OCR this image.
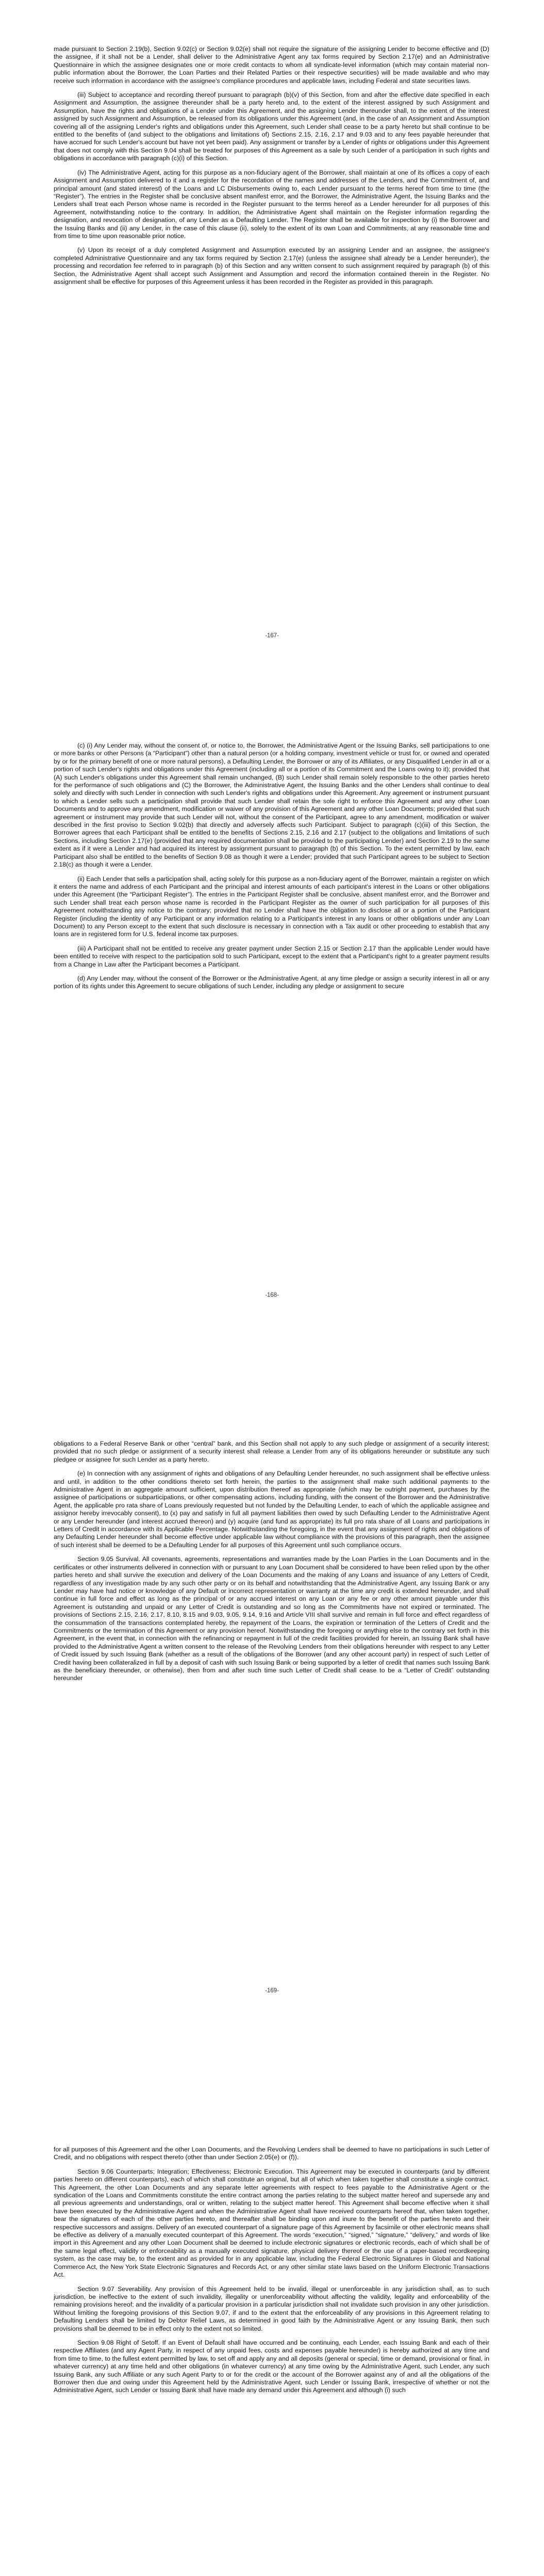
made pursuant to Section 2.19(b), Section 9.02(c) or Section 9.02(e) shall not require the signature of the assigning Lender to become effective and (D) the assignee, if it shall not be a Lender, shall deliver to the Administrative Agent any tax forms required by Section 2.17(e) and an Administrative Questionnaire in which the assignee designates one or more credit contacts to whom all syndicate-level information (which may contain material non-public information about the Borrower, the Loan Parties and their Related Parties or their respective securities) will be made available and who may receive such information in accordance with the assignee's compliance procedures and applicable laws, including Federal and state securities laws.

(iii) Subject to acceptance and recording thereof pursuant to paragraph (b)(v) of this Section, from and after the effective date specified in each Assignment and Assumption, the assignee thereunder shall be a party hereto and, to the extent of the interest assigned by such Assignment and Assumption, have the rights and obligations of a Lender under this Agreement, and the assigning Lender thereunder shall, to the extent of the interest assigned by such Assignment and Assumption, be released from its obligations under this Agreement (and, in the case of an Assignment and Assumption covering all of the assigning Lender's rights and obligations under this Agreement, such Lender shall cease to be a party hereto but shall continue to be entitled to the benefits of (and subject to the obligations and limitations of) Sections 2.15, 2.16, 2.17 and 9.03 and to any fees payable hereunder that have accrued for such Lender's account but have not yet been paid). Any assignment or transfer by a Lender of rights or obligations under this Agreement that does not comply with this Section 9.04 shall be treated for purposes of this Agreement as a sale by such Lender of a participation in such rights and obligations in accordance with paragraph (c)(i) of this Section.

(iv) The Administrative Agent, acting for this purpose as a non-fiduciary agent of the Borrower, shall maintain at one of its offices a copy of each Assignment and Assumption delivered to it and a register for the recordation of the names and addresses of the Lenders, and the Commitment of, and principal amount (and stated interest) of the Loans and LC Disbursements owing to, each Lender pursuant to the terms hereof from time to time (the “Register”). The entries in the Register shall be conclusive absent manifest error, and the Borrower, the Administrative Agent, the Issuing Banks and the Lenders shall treat each Person whose name is recorded in the Register pursuant to the terms hereof as a Lender hereunder for all purposes of this Agreement, notwithstanding notice to the contrary. In addition, the Administrative Agent shall maintain on the Register information regarding the designation, and revocation of designation, of any Lender as a Defaulting Lender. The Register shall be available for inspection by (i) the Borrower and the Issuing Banks and (ii) any Lender, in the case of this clause (ii), solely to the extent of its own Loan and Commitments, at any reasonable time and from time to time upon reasonable prior notice.

(v) Upon its receipt of a duly completed Assignment and Assumption executed by an assigning Lender and an assignee, the assignee's completed Administrative Questionnaire and any tax forms required by Section 2.17(e) (unless the assignee shall already be a Lender hereunder), the processing and recordation fee referred to in paragraph (b) of this Section and any written consent to such assignment required by paragraph (b) of this Section, the Administrative Agent shall accept such Assignment and Assumption and record the information contained therein in the Register. No assignment shall be effective for purposes of this Agreement unless it has been recorded in the Register as provided in this paragraph.

-167-

(c) (i) Any Lender may, without the consent of, or notice to, the Borrower, the Administrative Agent or the Issuing Banks, sell participations to one or more banks or other Persons (a “Participant”) other than a natural person (or a holding company, investment vehicle or trust for, or owned and operated by or for the primary benefit of one or more natural persons), a Defaulting Lender, the Borrower or any of its Affiliates, or any Disqualified Lender in all or a portion of such Lender's rights and obligations under this Agreement (including all or a portion of its Commitment and the Loans owing to it); provided that (A) such Lender's obligations under this Agreement shall remain unchanged, (B) such Lender shall remain solely responsible to the other parties hereto for the performance of such obligations and (C) the Borrower, the Administrative Agent, the Issuing Banks and the other Lenders shall continue to deal solely and directly with such Lender in connection with such Lender's rights and obligations under this Agreement. Any agreement or instrument pursuant to which a Lender sells such a participation shall provide that such Lender shall retain the sole right to enforce this Agreement and any other Loan Documents and to approve any amendment, modification or waiver of any provision of this Agreement and any other Loan Documents; provided that such agreement or instrument may provide that such Lender will not, without the consent of the Participant, agree to any amendment, modification or waiver described in the first proviso to Section 9.02(b) that directly and adversely affects such Participant. Subject to paragraph (c)(iii) of this Section, the Borrower agrees that each Participant shall be entitled to the benefits of Sections 2.15, 2.16 and 2.17 (subject to the obligations and limitations of such Sections, including Section 2.17(e) (provided that any required documentation shall be provided to the participating Lender) and Section 2.19 to the same extent as if it were a Lender and had acquired its interest by assignment pursuant to paragraph (b) of this Section. To the extent permitted by law, each Participant also shall be entitled to the benefits of Section 9.08 as though it were a Lender; provided that such Participant agrees to be subject to Section 2.18(c) as though it were a Lender.

(ii) Each Lender that sells a participation shall, acting solely for this purpose as a non-fiduciary agent of the Borrower, maintain a register on which it enters the name and address of each Participant and the principal and interest amounts of each participant's interest in the Loans or other obligations under this Agreement (the “Participant Register”). The entries in the Participant Register shall be conclusive, absent manifest error, and the Borrower and such Lender shall treat each person whose name is recorded in the Participant Register as the owner of such participation for all purposes of this Agreement notwithstanding any notice to the contrary; provided that no Lender shall have the obligation to disclose all or a portion of the Participant Register (including the identity of any Participant or any information relating to a Participant's interest in any loans or other obligations under any Loan Document) to any Person except to the extent that such disclosure is necessary in connection with a Tax audit or other proceeding to establish that any loans are in registered form for U.S. federal income tax purposes.

(iii) A Participant shall not be entitled to receive any greater payment under Section 2.15 or Section 2.17 than the applicable Lender would have been entitled to receive with respect to the participation sold to such Participant, except to the extent that a Participant's right to a greater payment results from a Change in Law after the Participant becomes a Participant.

(d) Any Lender may, without the consent of the Borrower or the Administrative Agent, at any time pledge or assign a security interest in all or any portion of its rights under this Agreement to secure obligations of such Lender, including any pledge or assignment to secure

-168-

obligations to a Federal Reserve Bank or other “central” bank, and this Section shall not apply to any such pledge or assignment of a security interest; provided that no such pledge or assignment of a security interest shall release a Lender from any of its obligations hereunder or substitute any such pledgee or assignee for such Lender as a party hereto.

(e) In connection with any assignment of rights and obligations of any Defaulting Lender hereunder, no such assignment shall be effective unless and until, in addition to the other conditions thereto set forth herein, the parties to the assignment shall make such additional payments to the Administrative Agent in an aggregate amount sufficient, upon distribution thereof as appropriate (which may be outright payment, purchases by the assignee of participations or subparticipations, or other compensating actions, including funding, with the consent of the Borrower and the Administrative Agent, the applicable pro rata share of Loans previously requested but not funded by the Defaulting Lender, to each of which the applicable assignee and assignor hereby irrevocably consent), to (x) pay and satisfy in full all payment liabilities then owed by such Defaulting Lender to the Administrative Agent or any Lender hereunder (and interest accrued thereon) and (y) acquire (and fund as appropriate) its full pro rata share of all Loans and participations in Letters of Credit in accordance with its Applicable Percentage. Notwithstanding the foregoing, in the event that any assignment of rights and obligations of any Defaulting Lender hereunder shall become effective under applicable law without compliance with the provisions of this paragraph, then the assignee of such interest shall be deemed to be a Defaulting Lender for all purposes of this Agreement until such compliance occurs.

Section 9.05 Survival. All covenants, agreements, representations and warranties made by the Loan Parties in the Loan Documents and in the certificates or other instruments delivered in connection with or pursuant to any Loan Document shall be considered to have been relied upon by the other parties hereto and shall survive the execution and delivery of the Loan Documents and the making of any Loans and issuance of any Letters of Credit, regardless of any investigation made by any such other party or on its behalf and notwithstanding that the Administrative Agent, any Issuing Bank or any Lender may have had notice or knowledge of any Default or incorrect representation or warranty at the time any credit is extended hereunder, and shall continue in full force and effect as long as the principal of or any accrued interest on any Loan or any fee or any other amount payable under this Agreement is outstanding and unpaid or any Letter of Credit is outstanding and so long as the Commitments have not expired or terminated. The provisions of Sections 2.15, 2.16, 2.17, 8.10, 8.15 and 9.03, 9.05, 9.14, 9.16 and Article VIII shall survive and remain in full force and effect regardless of the consummation of the transactions contemplated hereby, the repayment of the Loans, the expiration or termination of the Letters of Credit and the Commitments or the termination of this Agreement or any provision hereof. Notwithstanding the foregoing or anything else to the contrary set forth in this Agreement, in the event that, in connection with the refinancing or repayment in full of the credit facilities provided for herein, an Issuing Bank shall have provided to the Administrative Agent a written consent to the release of the Revolving Lenders from their obligations hereunder with respect to any Letter of Credit issued by such Issuing Bank (whether as a result of the obligations of the Borrower (and any other account party) in respect of such Letter of Credit having been collateralized in full by a deposit of cash with such Issuing Bank or being supported by a letter of credit that names such Issuing Bank as the beneficiary thereunder, or otherwise), then from and after such time such Letter of Credit shall cease to be a “Letter of Credit” outstanding hereunder

-169-

for all purposes of this Agreement and the other Loan Documents, and the Revolving Lenders shall be deemed to have no participations in such Letter of Credit, and no obligations with respect thereto (other than under Section 2.05(e) or (f)).

Section 9.06 Counterparts; Integration; Effectiveness; Electronic Execution. This Agreement may be executed in counterparts (and by different parties hereto on different counterparts), each of which shall constitute an original, but all of which when taken together shall constitute a single contract. This Agreement, the other Loan Documents and any separate letter agreements with respect to fees payable to the Administrative Agent or the syndication of the Loans and Commitments constitute the entire contract among the parties relating to the subject matter hereof and supersede any and all previous agreements and understandings, oral or written, relating to the subject matter hereof. This Agreement shall become effective when it shall have been executed by the Administrative Agent and when the Administrative Agent shall have received counterparts hereof that, when taken together, bear the signatures of each of the other parties hereto, and thereafter shall be binding upon and inure to the benefit of the parties hereto and their respective successors and assigns. Delivery of an executed counterpart of a signature page of this Agreement by facsimile or other electronic means shall be effective as delivery of a manually executed counterpart of this Agreement. The words “execution,” “signed,” “signature,” “delivery,” and words of like import in this Agreement and any other Loan Document shall be deemed to include electronic signatures or electronic records, each of which shall be of the same legal effect, validity or enforceability as a manually executed signature, physical delivery thereof or the use of a paper-based recordkeeping system, as the case may be, to the extent and as provided for in any applicable law, including the Federal Electronic Signatures in Global and National Commerce Act, the New York State Electronic Signatures and Records Act, or any other similar state laws based on the Uniform Electronic Transactions Act.

Section 9.07 Severability. Any provision of this Agreement held to be invalid, illegal or unenforceable in any jurisdiction shall, as to such jurisdiction, be ineffective to the extent of such invalidity, illegality or unenforceability without affecting the validity, legality and enforceability of the remaining provisions hereof; and the invalidity of a particular provision in a particular jurisdiction shall not invalidate such provision in any other jurisdiction. Without limiting the foregoing provisions of this Section 9.07, if and to the extent that the enforceability of any provisions in this Agreement relating to Defaulting Lenders shall be limited by Debtor Relief Laws, as determined in good faith by the Administrative Agent or any Issuing Bank, then such provisions shall be deemed to be in effect only to the extent not so limited.

Section 9.08 Right of Setoff. If an Event of Default shall have occurred and be continuing, each Lender, each Issuing Bank and each of their respective Affiliates (and any Agent Party, in respect of any unpaid fees, costs and expenses payable hereunder) is hereby authorized at any time and from time to time, to the fullest extent permitted by law, to set off and apply any and all deposits (general or special, time or demand, provisional or final, in whatever currency) at any time held and other obligations (in whatever currency) at any time owing by the Administrative Agent, such Lender, any such Issuing Bank, any such Affiliate or any such Agent Party to or for the credit or the account of the Borrower against any of and all the obligations of the Borrower then due and owing under this Agreement held by the Administrative Agent, such Lender or Issuing Bank, irrespective of whether or not the Administrative Agent, such Lender or Issuing Bank shall have made any demand under this Agreement and although (i) such
